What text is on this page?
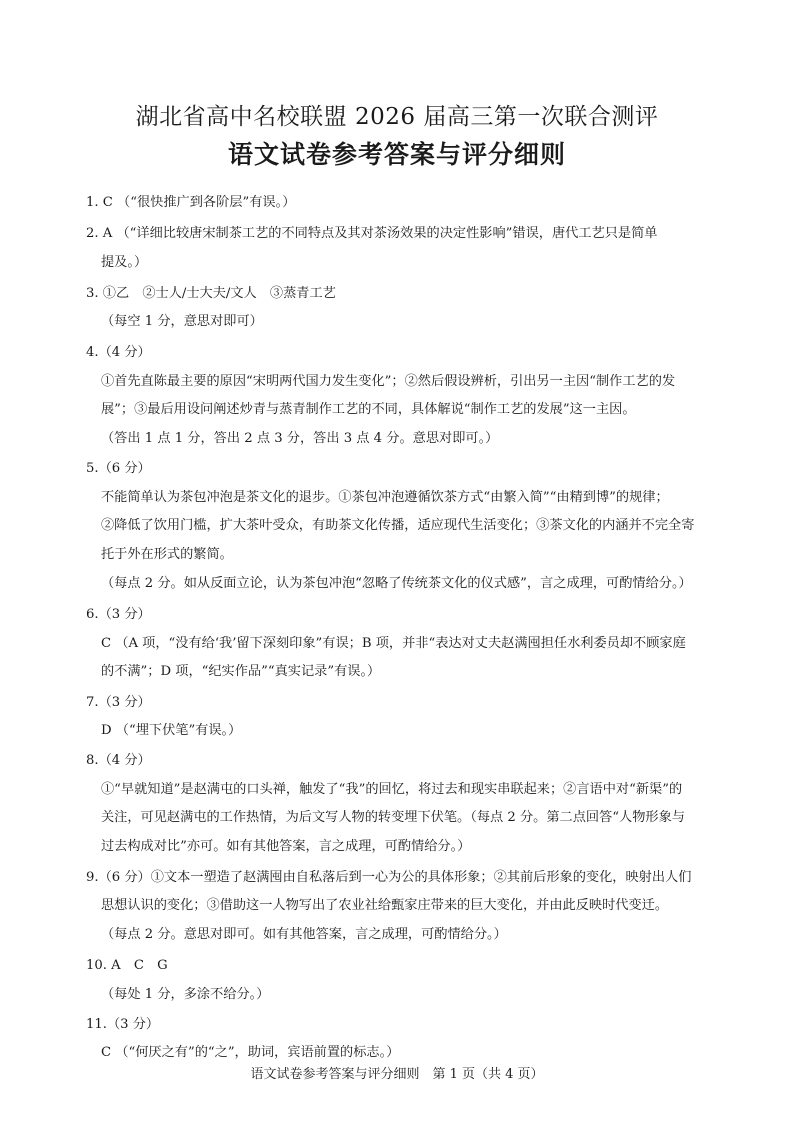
湖北省高中名校联盟 2026 届高三第一次联合测评
语文试卷参考答案与评分细则
1. C （“很快推广到各阶层”有误。）
2. A （“详细比较唐宋制茶工艺的不同特点及其对茶汤效果的决定性影响”错误，唐代工艺只是简单
提及。）
3. ①乙　②士人/士大夫/文人　③蒸青工艺
（每空 1 分，意思对即可）
4.（4 分）
①首先直陈最主要的原因“宋明两代国力发生变化”；②然后假设辨析，引出另一主因“制作工艺的发
展”；③最后用设问阐述炒青与蒸青制作工艺的不同，具体解说“制作工艺的发展”这一主因。
（答出 1 点 1 分，答出 2 点 3 分，答出 3 点 4 分。意思对即可。）
5.（6 分）
不能简单认为茶包冲泡是茶文化的退步。①茶包冲泡遵循饮茶方式“由繁入简”“由精到博”的规律；
②降低了饮用门槛，扩大茶叶受众，有助茶文化传播，适应现代生活变化；③茶文化的内涵并不完全寄
托于外在形式的繁简。
（每点 2 分。如从反面立论，认为茶包冲泡“忽略了传统茶文化的仪式感”，言之成理，可酌情给分。）
6.（3 分）
C （A 项，“没有给‘我’留下深刻印象”有误；B 项，并非“表达对丈夫赵满囤担任水利委员却不顾家庭
的不满”；D 项，“纪实作品”“真实记录”有误。）
7.（3 分）
D （“埋下伏笔”有误。）
8.（4 分）
①“早就知道”是赵满屯的口头禅，触发了“我”的回忆，将过去和现实串联起来；②言语中对“新渠”的
关注，可见赵满屯的工作热情，为后文写人物的转变埋下伏笔。（每点 2 分。第二点回答“人物形象与
过去构成对比”亦可。如有其他答案，言之成理，可酌情给分。）
9.（6 分）①文本一塑造了赵满囤由自私落后到一心为公的具体形象；②其前后形象的变化，映射出人们
思想认识的变化；③借助这一人物写出了农业社给甄家庄带来的巨大变化，并由此反映时代变迁。
（每点 2 分。意思对即可。如有其他答案，言之成理，可酌情给分。）
10. A　C　G
（每处 1 分，多涂不给分。）
11.（3 分）
C （“何厌之有”的“之”，助词，宾语前置的标志。）
语文试卷参考答案与评分细则　第 1 页（共 4 页）
